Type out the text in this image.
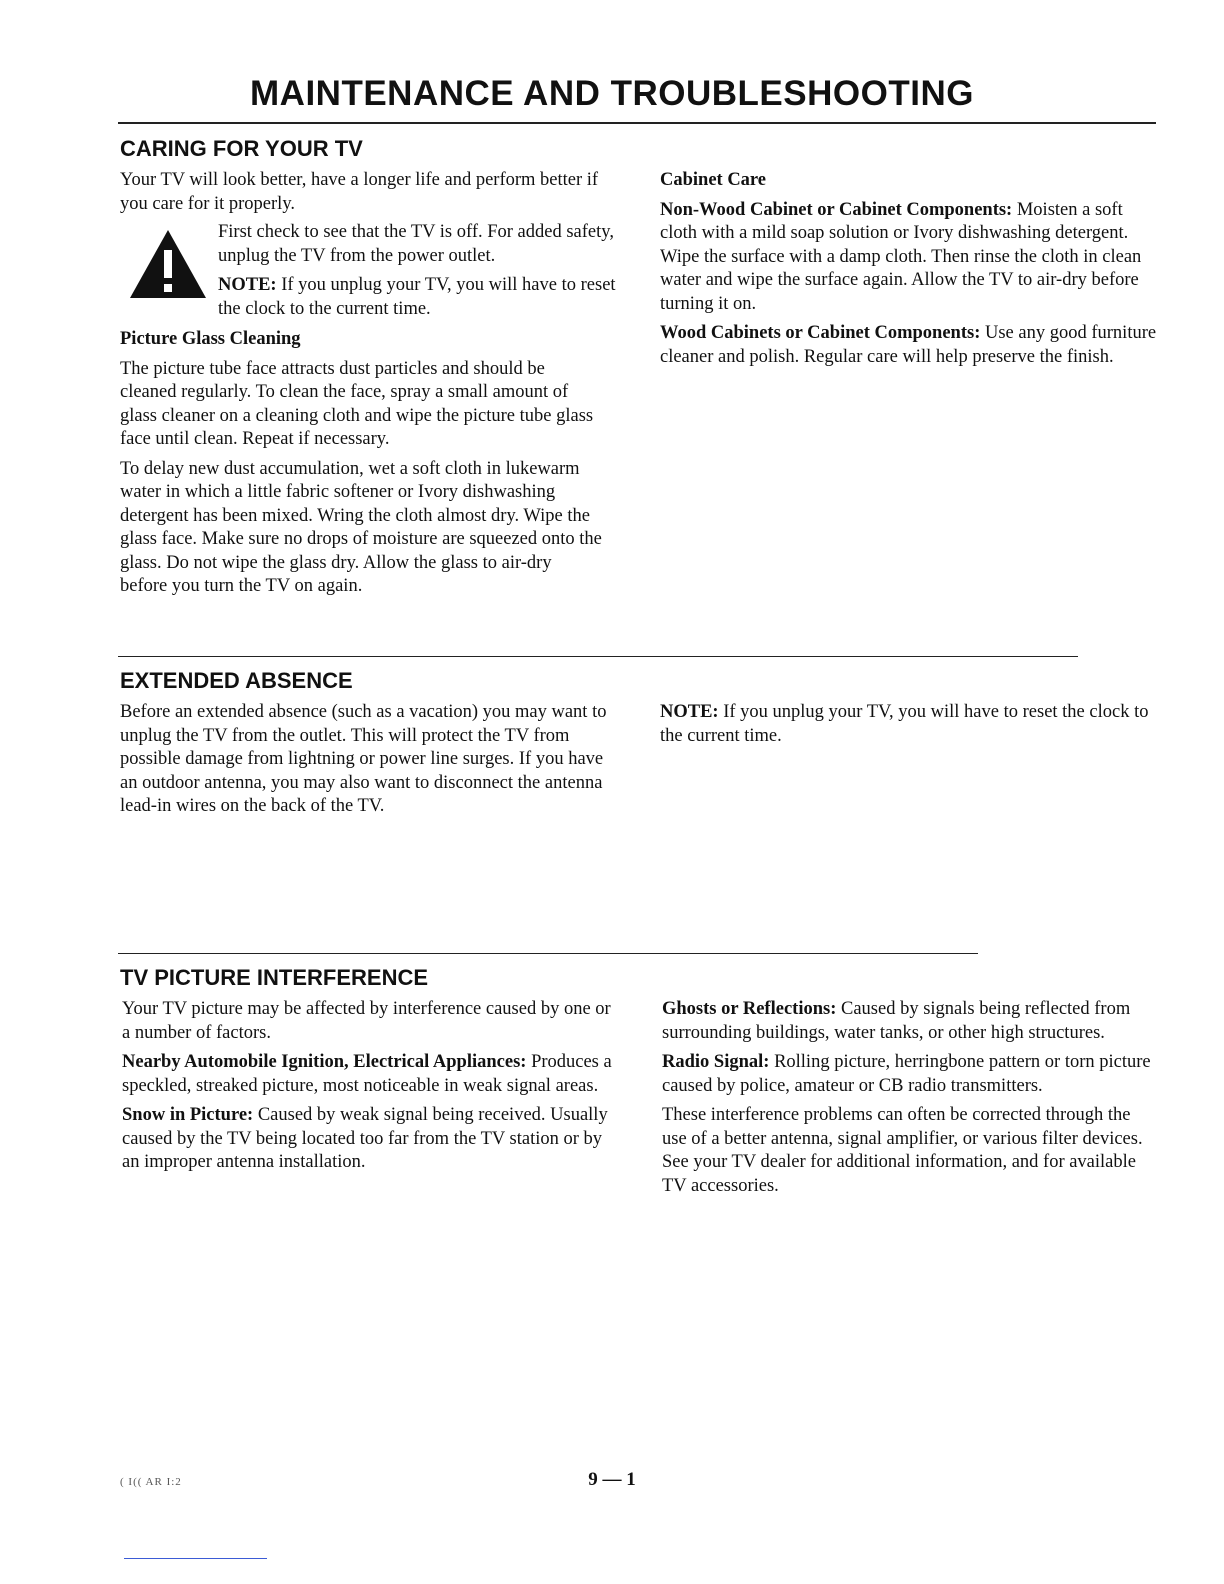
MAINTENANCE AND TROUBLESHOOTING
CARING FOR YOUR TV

Your TV will look better, have a longer life and perform better if you care for it properly.

First check to see that the TV is off. For added safety, unplug the TV from the power outlet.

NOTE: If you unplug your TV, you will have to reset the clock to the current time.

Picture Glass Cleaning

The picture tube face attracts dust particles and should be cleaned regularly. To clean the face, spray a small amount of glass cleaner on a cleaning cloth and wipe the picture tube glass face until clean. Repeat if necessary.

To delay new dust accumulation, wet a soft cloth in lukewarm water in which a little fabric softener or Ivory dishwashing detergent has been mixed. Wring the cloth almost dry. Wipe the glass face. Make sure no drops of moisture are squeezed onto the glass. Do not wipe the glass dry. Allow the glass to air-dry before you turn the TV on again.

Cabinet Care

Non-Wood Cabinet or Cabinet Components: Moisten a soft cloth with a mild soap solution or Ivory dishwashing detergent. Wipe the surface with a damp cloth. Then rinse the cloth in clean water and wipe the surface again. Allow the TV to air-dry before turning it on.

Wood Cabinets or Cabinet Components: Use any good furniture cleaner and polish. Regular care will help preserve the finish.

EXTENDED ABSENCE

Before an extended absence (such as a vacation) you may want to unplug the TV from the outlet. This will protect the TV from possible damage from lightning or power line surges. If you have an outdoor antenna, you may also want to disconnect the antenna lead-in wires on the back of the TV.

NOTE: If you unplug your TV, you will have to reset the clock to the current time.

TV PICTURE INTERFERENCE

Your TV picture may be affected by interference caused by one or a number of factors.

Nearby Automobile Ignition, Electrical Appliances: Produces a speckled, streaked picture, most noticeable in weak signal areas.

Snow in Picture: Caused by weak signal being received. Usually caused by the TV being located too far from the TV station or by an improper antenna installation.

Ghosts or Reflections: Caused by signals being reflected from surrounding buildings, water tanks, or other high structures.

Radio Signal: Rolling picture, herringbone pattern or torn picture caused by police, amateur or CB radio transmitters.

These interference problems can often be corrected through the use of a better antenna, signal amplifier, or various filter devices. See your TV dealer for additional information, and for available TV accessories.

( I(( AR I:2	9 — 1
